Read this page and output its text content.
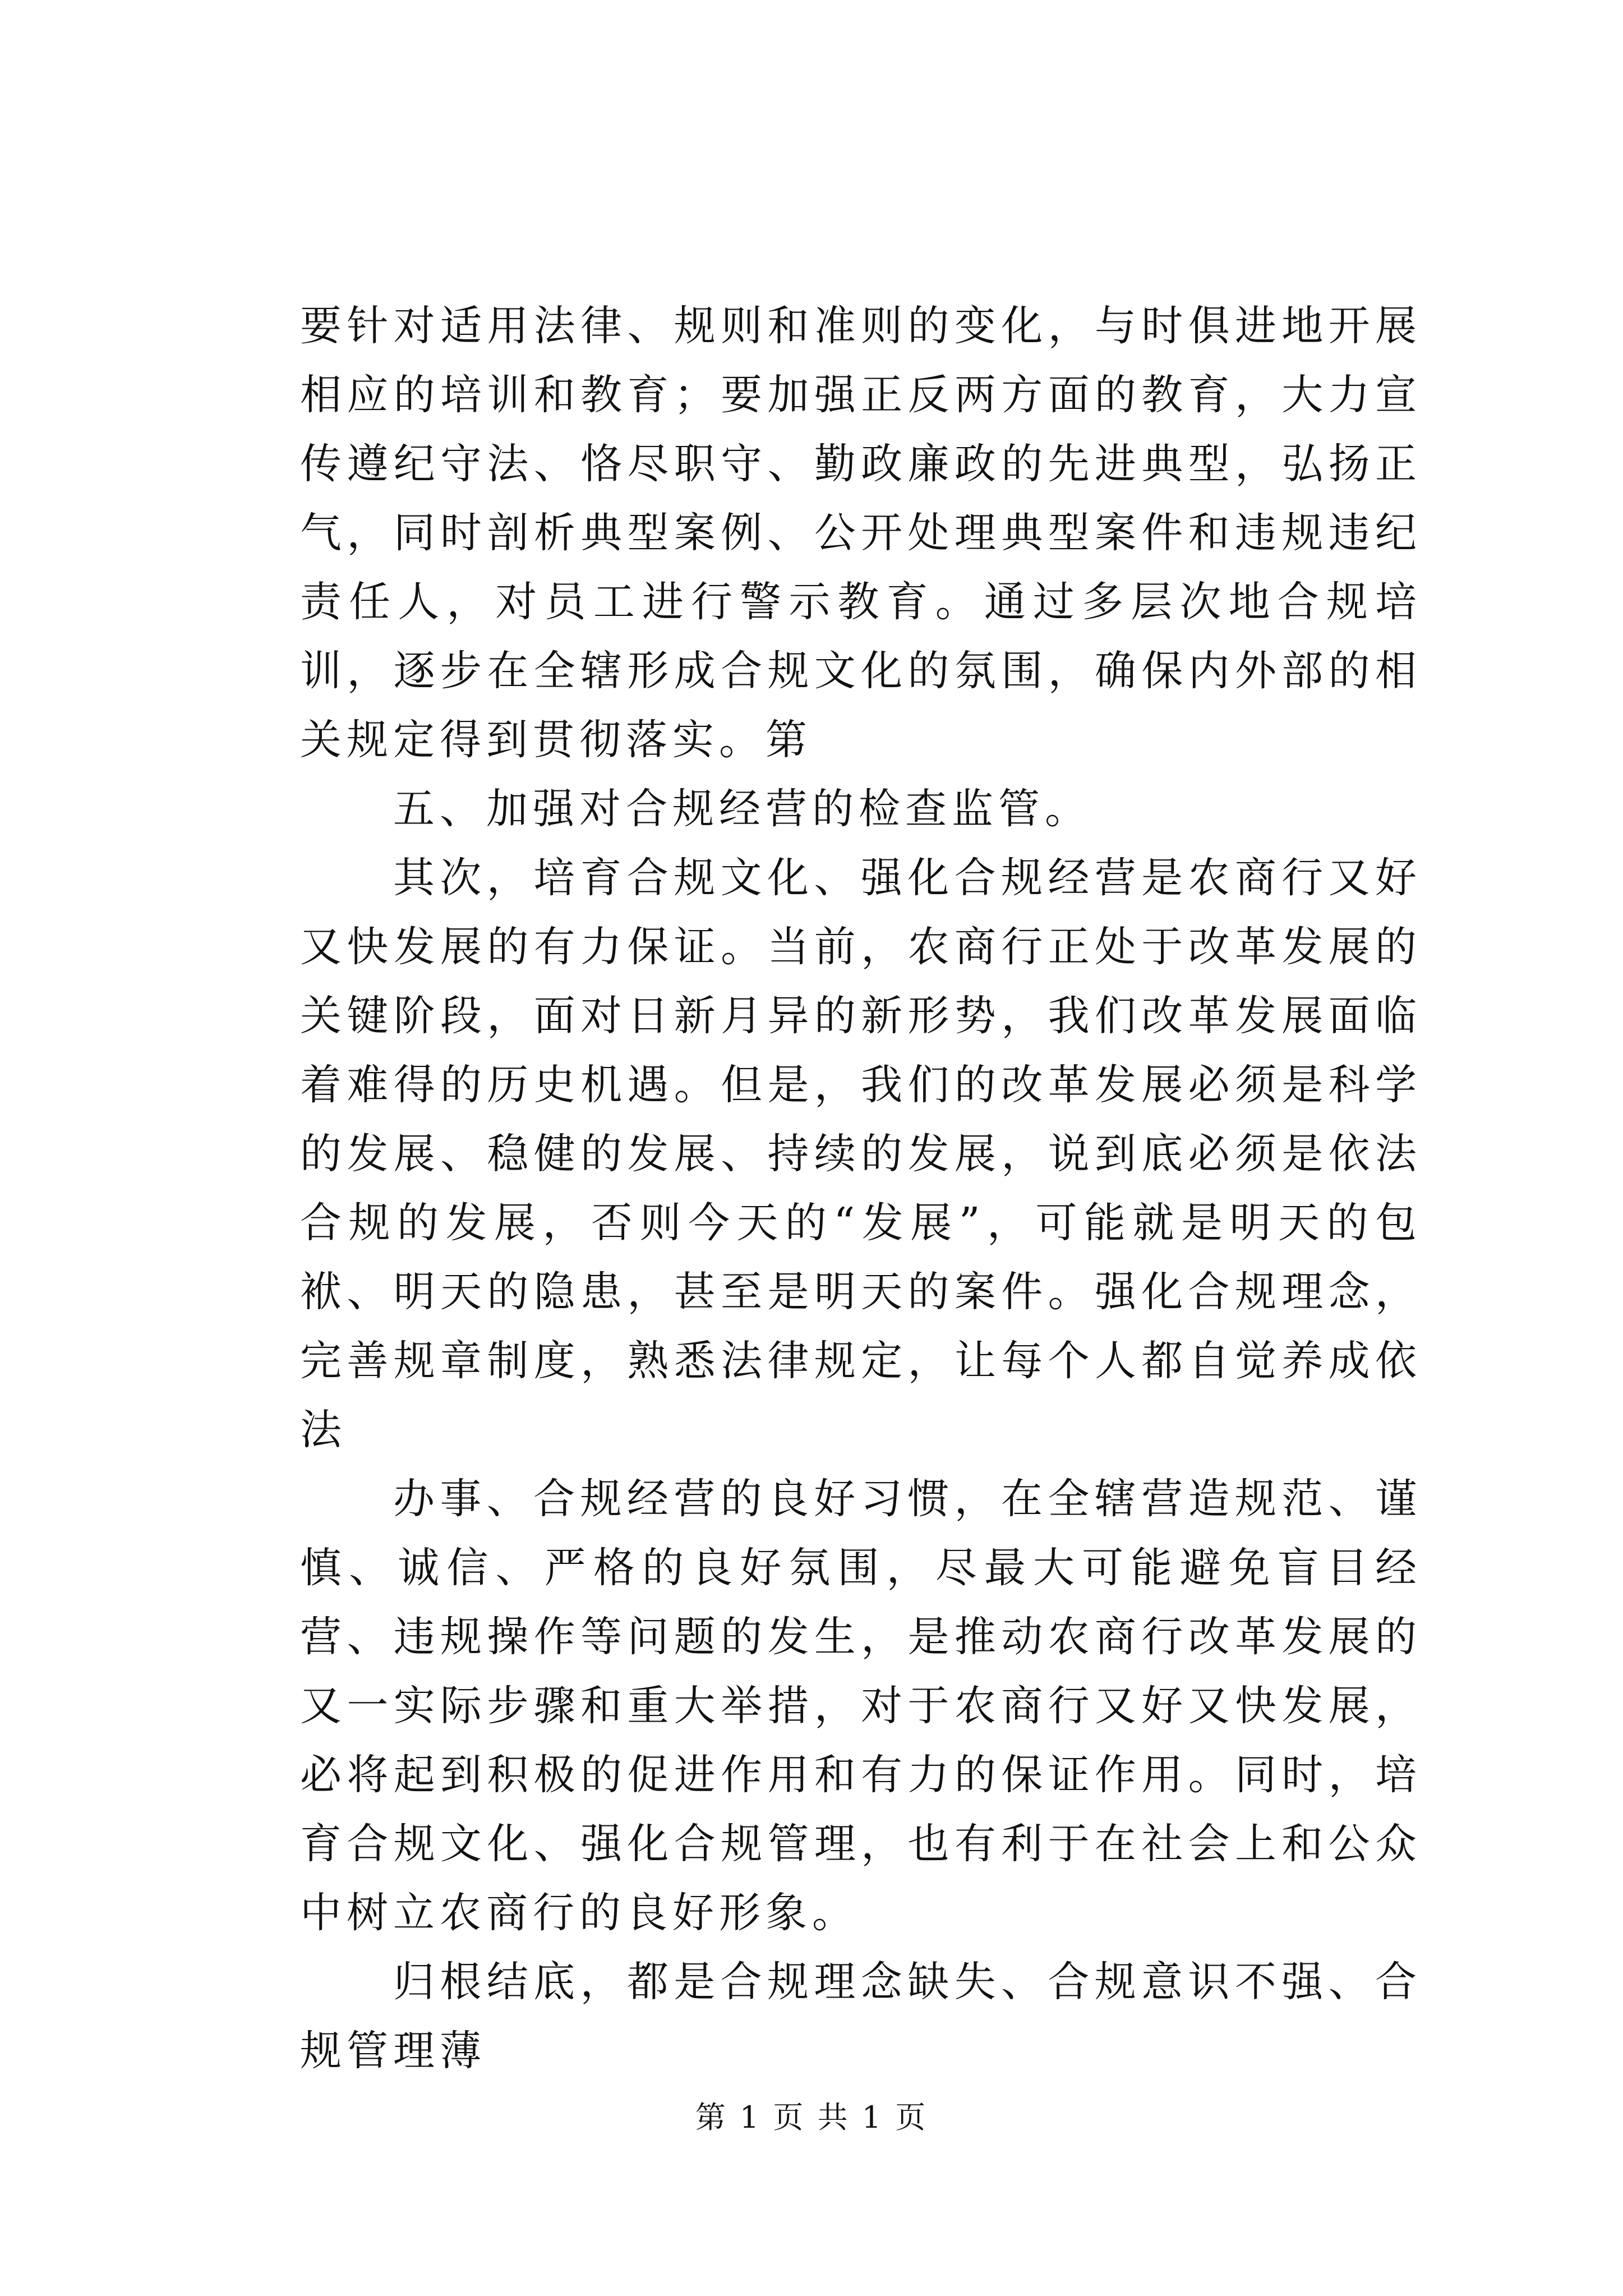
要针对适用法律、规则和准则的变化，与时俱进地开展相应的培训和教育；要加强正反两方面的教育，大力宣传遵纪守法、恪尽职守、勤政廉政的先进典型，弘扬正气，同时剖析典型案例、公开处理典型案件和违规违纪责任人，对员工进行警示教育。通过多层次地合规培训，逐步在全辖形成合规文化的氛围，确保内外部的相关规定得到贯彻落实。第

五、加强对合规经营的检查监管。

其次，培育合规文化、强化合规经营是农商行又好又快发展的有力保证。当前，农商行正处于改革发展的关键阶段，面对日新月异的新形势，我们改革发展面临着难得的历史机遇。但是，我们的改革发展必须是科学的发展、稳健的发展、持续的发展，说到底必须是依法合规的发展，否则今天的“发展”，可能就是明天的包袱、明天的隐患，甚至是明天的案件。强化合规理念，完善规章制度，熟悉法律规定，让每个人都自觉养成依法

办事、合规经营的良好习惯，在全辖营造规范、谨慎、诚信、严格的良好氛围，尽最大可能避免盲目经营、违规操作等问题的发生，是推动农商行改革发展的又一实际步骤和重大举措，对于农商行又好又快发展，必将起到积极的促进作用和有力的保证作用。同时，培育合规文化、强化合规管理，也有利于在社会上和公众中树立农商行的良好形象。

归根结底，都是合规理念缺失、合规意识不强、合规管理薄

第 1 页 共 1 页
